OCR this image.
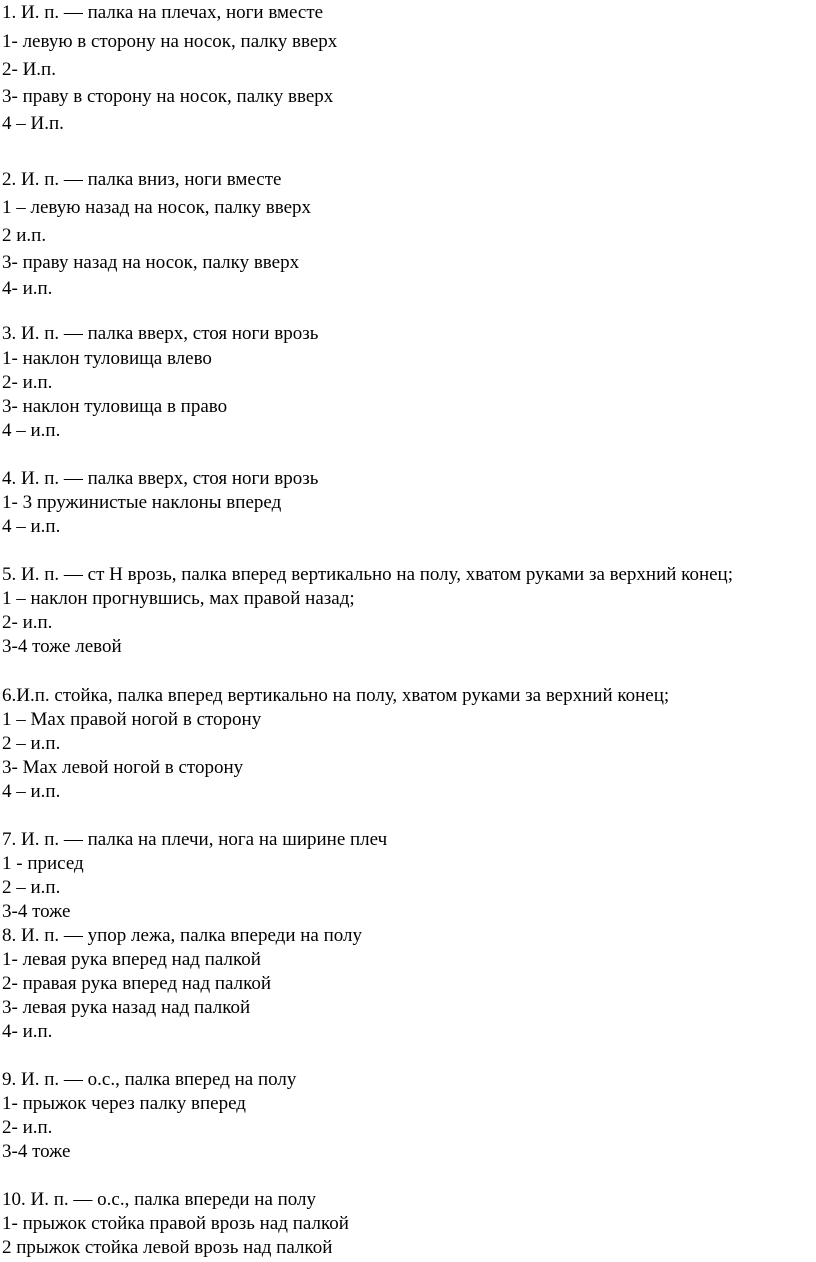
1. И. п. — палка на плечах, ноги вместе
1- левую в сторону на носок, палку вверх
2- И.п.
3- праву в сторону на носок, палку вверх
4 – И.п.
2. И. п. — палка вниз, ноги вместе
1 – левую назад на носок, палку вверх
2 и.п.
3- праву назад на носок, палку вверх
4- и.п.
3. И. п. — палка вверх, стоя ноги врозь
1- наклон туловища влево
2- и.п.
3- наклон туловища в право
4 – и.п.
4. И. п. — палка вверх, стоя ноги врозь
1- 3 пружинистые наклоны вперед
4 – и.п.
5. И. п. — ст Н врозь, палка вперед вертикально на полу, хватом руками за верхний конец;
1 – наклон прогнувшись, мах правой назад;
2- и.п.
3-4 тоже левой
6.И.п. стойка, палка вперед вертикально на полу, хватом руками за верхний конец;
1 – Мах правой ногой в сторону
2 – и.п.
3- Мах левой ногой в сторону
4 – и.п.
7. И. п. — палка на плечи, нога на ширине плеч
1 - присед
2 – и.п.
3-4 тоже
8. И. п. — упор лежа, палка впереди на полу
1- левая рука вперед над палкой
2- правая рука вперед над палкой
3- левая рука назад над палкой
4- и.п.
9. И. п. — о.с., палка вперед на полу
1- прыжок через палку вперед
2- и.п.
3-4 тоже
10. И. п. — о.с., палка впереди на полу
1- прыжок стойка правой врозь над палкой
2 прыжок стойка левой врозь над палкой
